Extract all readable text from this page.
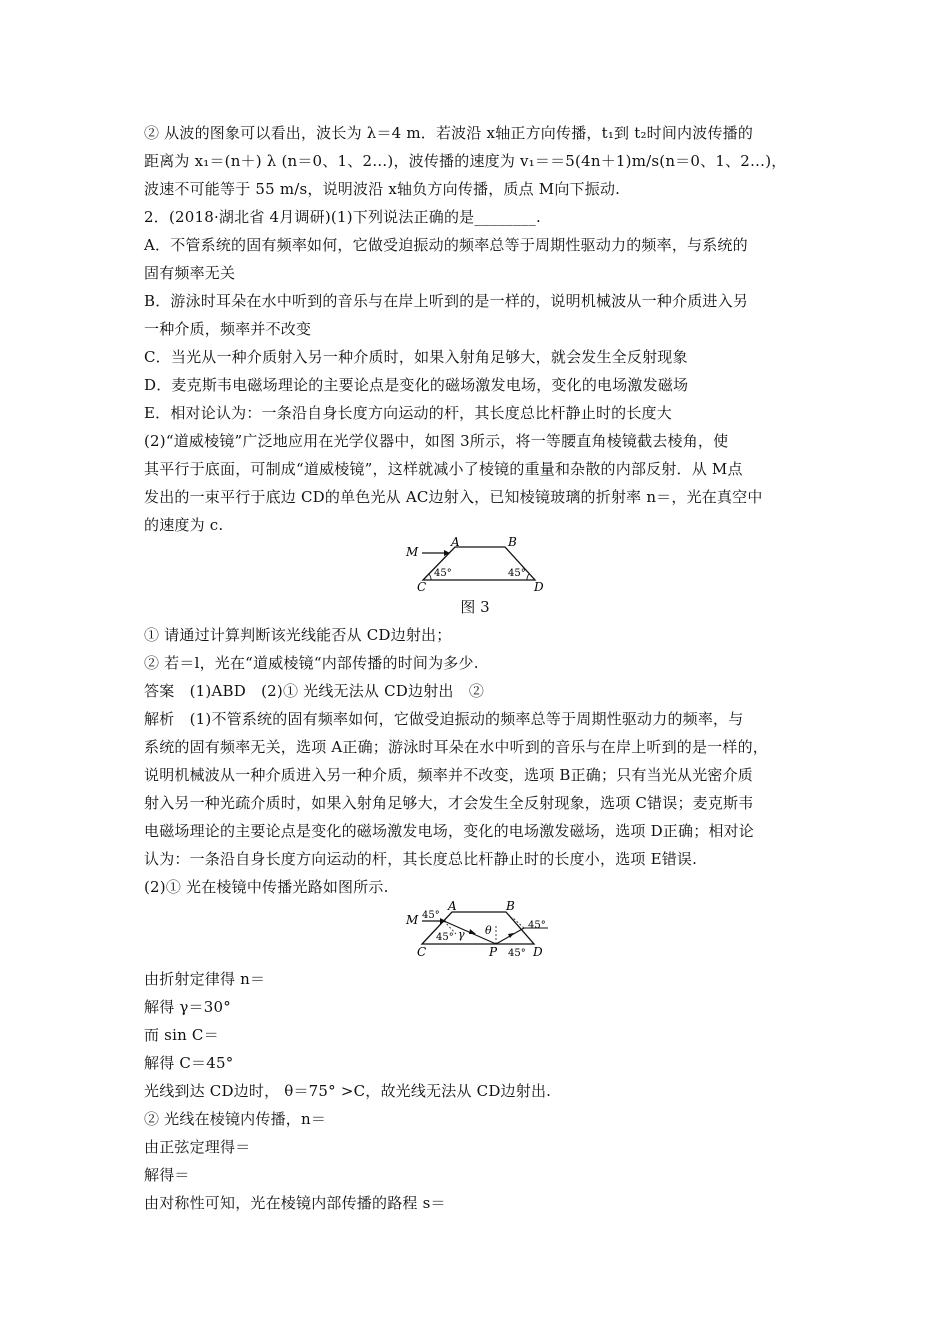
② 从波的图象可以看出，波长为 λ＝4 m．若波沿 x轴正方向传播，t₁到 t₂时间内波传播的
距离为 x₁＝(n＋) λ (n＝0、1、2…)，波传播的速度为 v₁＝＝5(4n＋1)m/s(n＝0、1、2…)，
波速不可能等于 55 m/s，说明波沿 x轴负方向传播，质点 M向下振动.
2．(2018·湖北省 4月调研)(1)下列说法正确的是________.
A．不管系统的固有频率如何，它做受迫振动的频率总等于周期性驱动力的频率，与系统的
固有频率无关
B．游泳时耳朵在水中听到的音乐与在岸上听到的是一样的，说明机械波从一种介质进入另
一种介质，频率并不改变
C．当光从一种介质射入另一种介质时，如果入射角足够大，就会发生全反射现象
D．麦克斯韦电磁场理论的主要论点是变化的磁场激发电场，变化的电场激发磁场
E．相对论认为：一条沿自身长度方向运动的杆，其长度总比杆静止时的长度大
(2)“道威棱镜”广泛地应用在光学仪器中，如图 3所示，将一等腰直角棱镜截去棱角，使
其平行于底面，可制成“道威棱镜”，这样就减小了棱镜的重量和杂散的内部反射．从 M点
发出的一束平行于底边 CD的单色光从 AC边射入，已知棱镜玻璃的折射率 n＝，光在真空中
的速度为 c.
M
A	B
C	D
45°	45°
图 3
① 请通过计算判断该光线能否从 CD边射出；
② 若＝l，光在“道威棱镜“内部传播的时间为多少.
答案　(1)ABD　(2)① 光线无法从 CD边射出　②
解析　(1)不管系统的固有频率如何，它做受迫振动的频率总等于周期性驱动力的频率，与
系统的固有频率无关，选项 A正确；游泳时耳朵在水中听到的音乐与在岸上听到的是一样的，
说明机械波从一种介质进入另一种介质，频率并不改变，选项 B正确；只有当光从光密介质
射入另一种光疏介质时，如果入射角足够大，才会发生全反射现象，选项 C错误；麦克斯韦
电磁场理论的主要论点是变化的磁场激发电场，变化的电场激发磁场，选项 D正确；相对论
认为：一条沿自身长度方向运动的杆，其长度总比杆静止时的长度小，选项 E错误.
(2)① 光在棱镜中传播光路如图所示.
M 45°
A	B
45° γ θ	45°
45°
C	P	D
由折射定律得 n＝
解得 γ＝30°
而 sin C＝
解得 C＝45°
光线到达 CD边时， θ＝75° >C，故光线无法从 CD边射出.
② 光线在棱镜内传播，n＝
由正弦定理得＝
解得＝
由对称性可知，光在棱镜内部传播的路程 s＝
